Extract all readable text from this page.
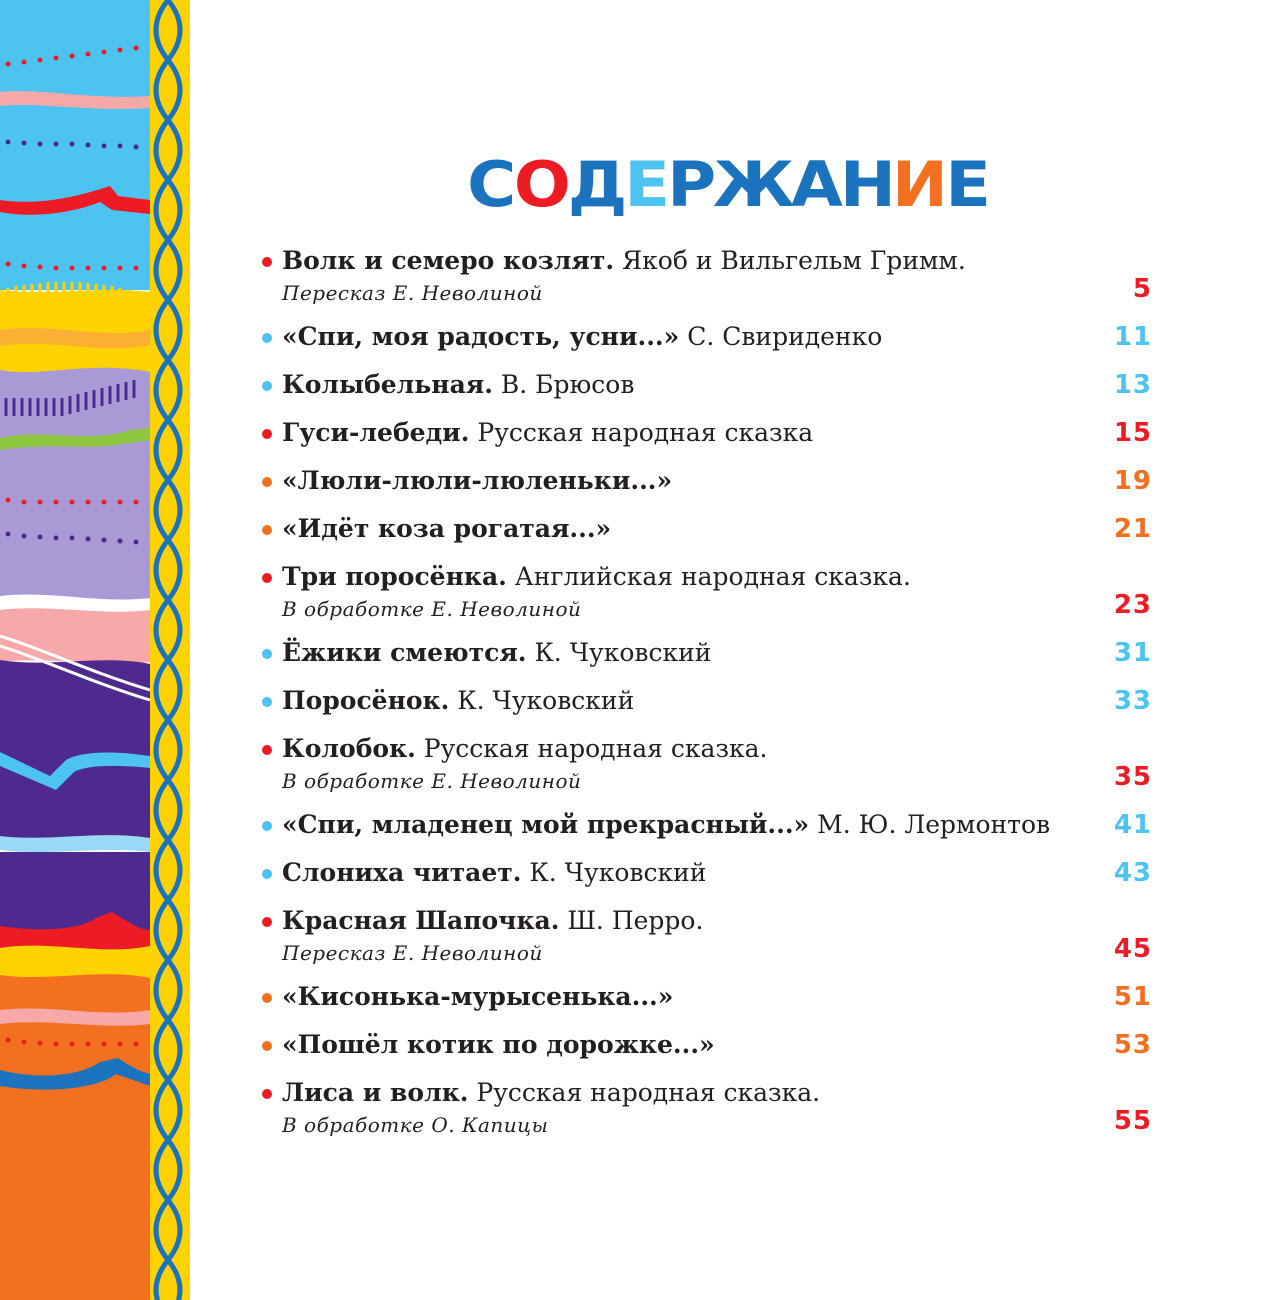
СОДЕРЖАНИЕ
Волк и семеро козлят. Якоб и Вильгельм Гримм.
Пересказ Е. Неволиной	5
«Спи, моя радость, усни...» С. Свириденко	11
Колыбельная. В. Брюсов	13
Гуси-лебеди. Русская народная сказка	15
«Люли-люли-люленьки...»	19
«Идёт коза рогатая...»	21
Три поросёнка. Английская народная сказка.
В обработке Е. Неволиной	23
Ёжики смеются. К. Чуковский	31
Поросёнок. К. Чуковский	33
Колобок. Русская народная сказка.
В обработке Е. Неволиной	35
«Спи, младенец мой прекрасный...» М. Ю. Лермонтов	41
Слониха читает. К. Чуковский	43
Красная Шапочка. Ш. Перро.
Пересказ Е. Неволиной	45
«Кисонька-мурысенька...»	51
«Пошёл котик по дорожке...»	53
Лиса и волк. Русская народная сказка.
В обработке О. Капицы	55
